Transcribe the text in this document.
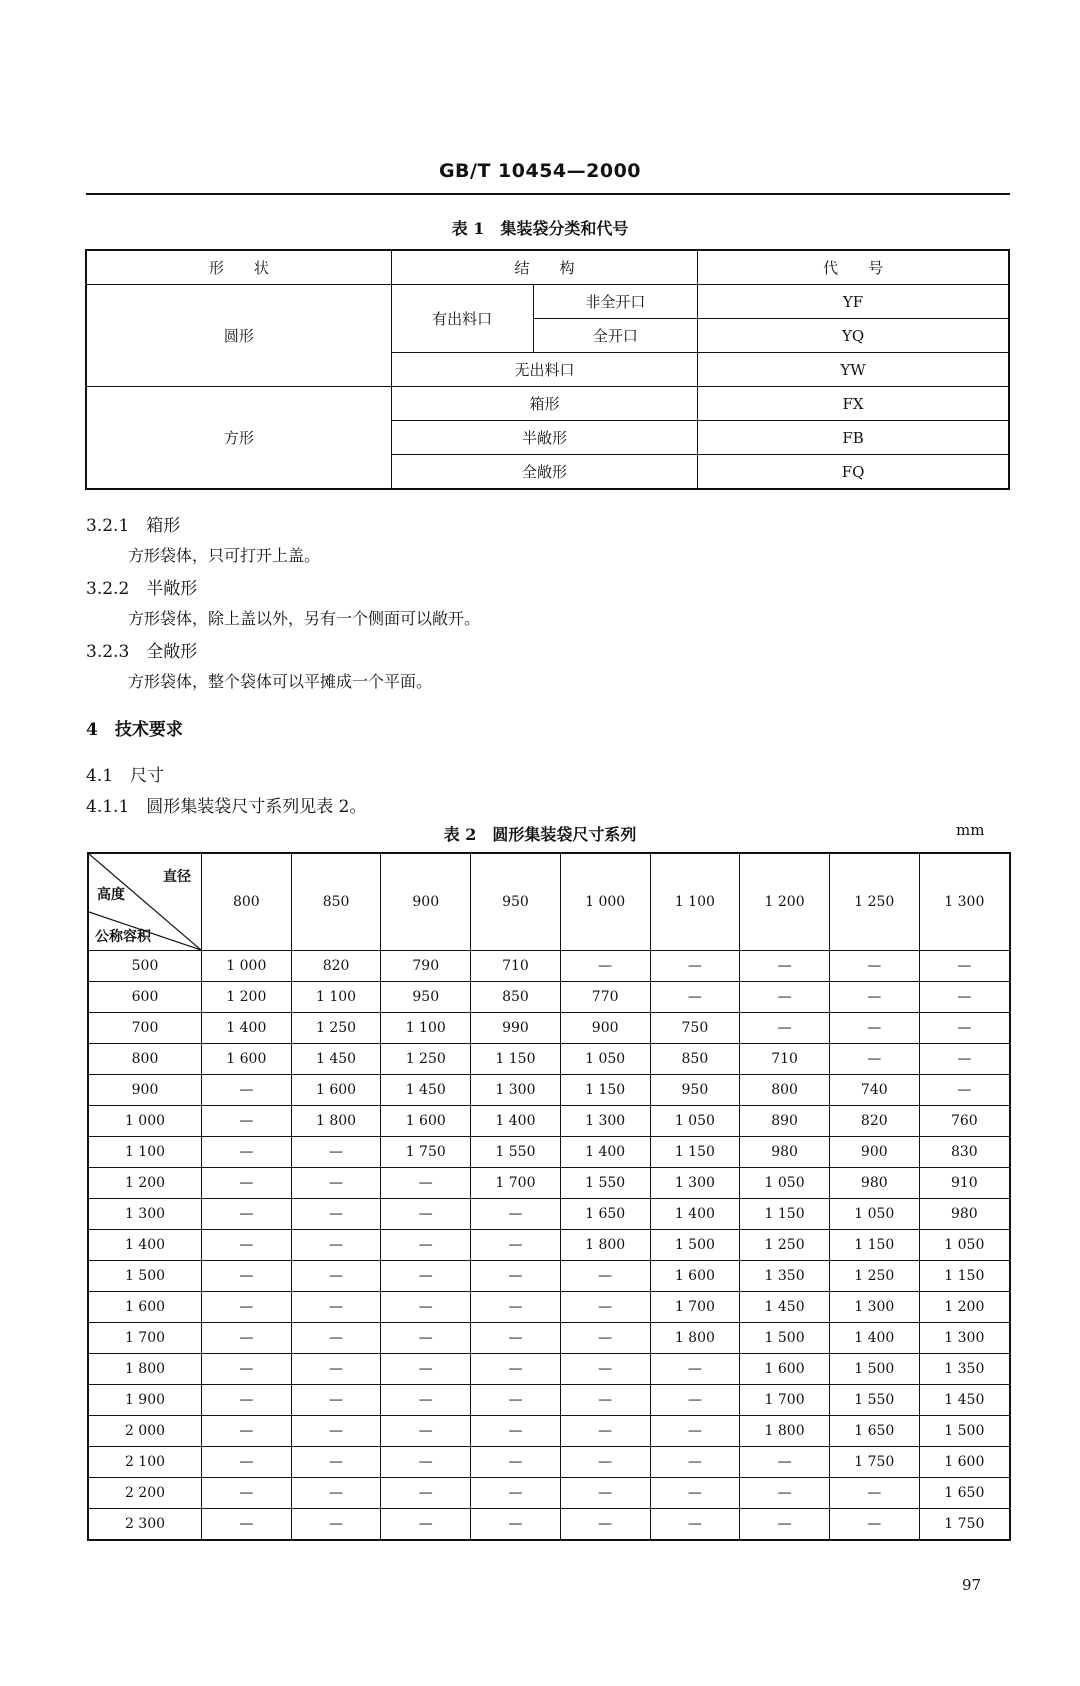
GB/T 10454—2000
表 1　集装袋分类和代号
形　　状	结　　构		代　　号
圆形	有出料口	非全开口	YF
		全开口	YQ
	无出料口		YW
方形	箱形		FX
	半敞形		FB
	全敞形		FQ
3.2.1　箱形
方形袋体，只可打开上盖。
3.2.2　半敞形
方形袋体，除上盖以外，另有一个侧面可以敞开。
3.2.3　全敞形
方形袋体，整个袋体可以平摊成一个平面。
4　技术要求
4.1　尺寸
4.1.1　圆形集装袋尺寸系列见表 2。
表 2　圆形集装袋尺寸系列	mm
直径
高度
公称容积	800	850	900	950	1 000	1 100	1 200	1 250	1 300
500	1 000	820	790	710	—	—	—	—	—
600	1 200	1 100	950	850	770	—	—	—	—
700	1 400	1 250	1 100	990	900	750	—	—	—
800	1 600	1 450	1 250	1 150	1 050	850	710	—	—
900	—	1 600	1 450	1 300	1 150	950	800	740	—
1 000	—	1 800	1 600	1 400	1 300	1 050	890	820	760
1 100	—	—	1 750	1 550	1 400	1 150	980	900	830
1 200	—	—	—	1 700	1 550	1 300	1 050	980	910
1 300	—	—	—	—	1 650	1 400	1 150	1 050	980
1 400	—	—	—	—	1 800	1 500	1 250	1 150	1 050
1 500	—	—	—	—	—	1 600	1 350	1 250	1 150
1 600	—	—	—	—	—	1 700	1 450	1 300	1 200
1 700	—	—	—	—	—	1 800	1 500	1 400	1 300
1 800	—	—	—	—	—	—	1 600	1 500	1 350
1 900	—	—	—	—	—	—	1 700	1 550	1 450
2 000	—	—	—	—	—	—	1 800	1 650	1 500
2 100	—	—	—	—	—	—	—	1 750	1 600
2 200	—	—	—	—	—	—	—	—	1 650
2 300	—	—	—	—	—	—	—	—	1 750
97
